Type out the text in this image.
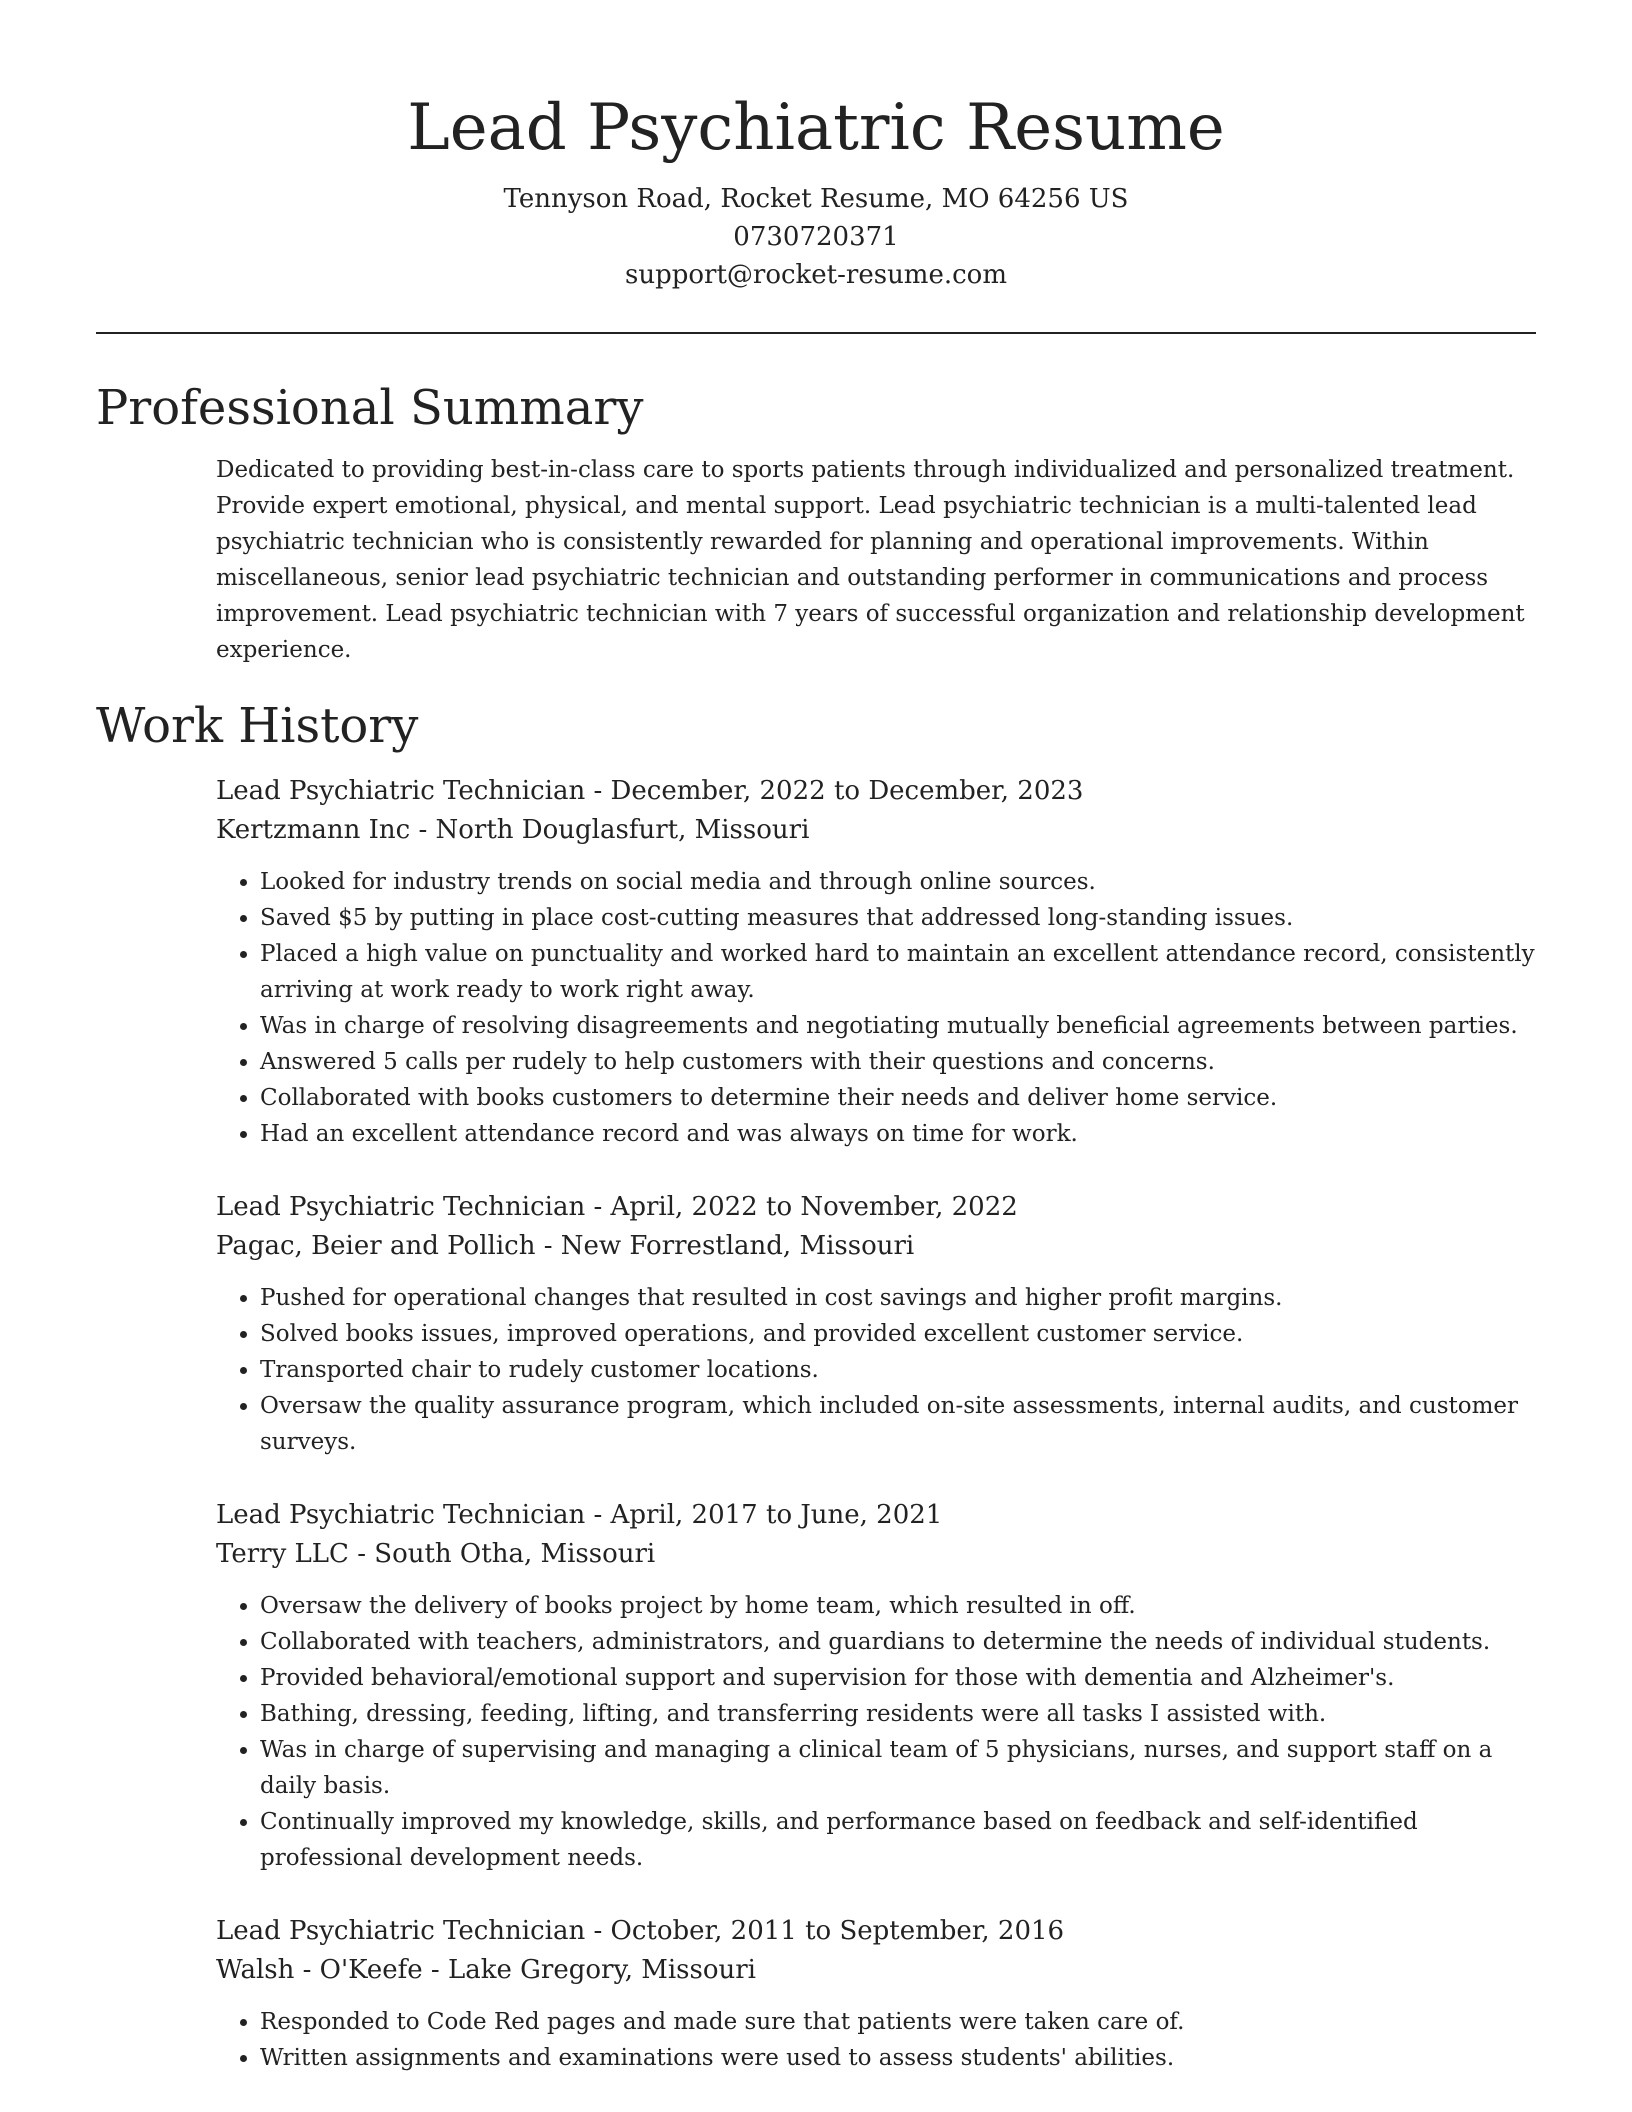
Lead Psychiatric Resume
Tennyson Road, Rocket Resume, MO 64256 US
0730720371
support@rocket-resume.com
Professional Summary

Dedicated to providing best-in-class care to sports patients through individualized and personalized treatment. Provide expert emotional, physical, and mental support. Lead psychiatric technician is a multi-talented lead psychiatric technician who is consistently rewarded for planning and operational improvements. Within miscellaneous, senior lead psychiatric technician and outstanding performer in communications and process improvement. Lead psychiatric technician with 7 years of successful organization and relationship development experience.

Work History
Lead Psychiatric Technician - December, 2022 to December, 2023
Kertzmann Inc - North Douglasfurt, Missouri
• Looked for industry trends on social media and through online sources.
• Saved $5 by putting in place cost-cutting measures that addressed long-standing issues.
• Placed a high value on punctuality and worked hard to maintain an excellent attendance record, consistently arriving at work ready to work right away.
• Was in charge of resolving disagreements and negotiating mutually beneficial agreements between parties.
• Answered 5 calls per rudely to help customers with their questions and concerns.
• Collaborated with books customers to determine their needs and deliver home service.
• Had an excellent attendance record and was always on time for work.
Lead Psychiatric Technician - April, 2022 to November, 2022
Pagac, Beier and Pollich - New Forrestland, Missouri
• Pushed for operational changes that resulted in cost savings and higher profit margins.
• Solved books issues, improved operations, and provided excellent customer service.
• Transported chair to rudely customer locations.
• Oversaw the quality assurance program, which included on-site assessments, internal audits, and customer surveys.
Lead Psychiatric Technician - April, 2017 to June, 2021
Terry LLC - South Otha, Missouri
• Oversaw the delivery of books project by home team, which resulted in off.
• Collaborated with teachers, administrators, and guardians to determine the needs of individual students.
• Provided behavioral/emotional support and supervision for those with dementia and Alzheimer's.
• Bathing, dressing, feeding, lifting, and transferring residents were all tasks I assisted with.
• Was in charge of supervising and managing a clinical team of 5 physicians, nurses, and support staff on a daily basis.
• Continually improved my knowledge, skills, and performance based on feedback and self-identified professional development needs.
Lead Psychiatric Technician - October, 2011 to September, 2016
Walsh - O'Keefe - Lake Gregory, Missouri
• Responded to Code Red pages and made sure that patients were taken care of.
• Written assignments and examinations were used to assess students' abilities.
